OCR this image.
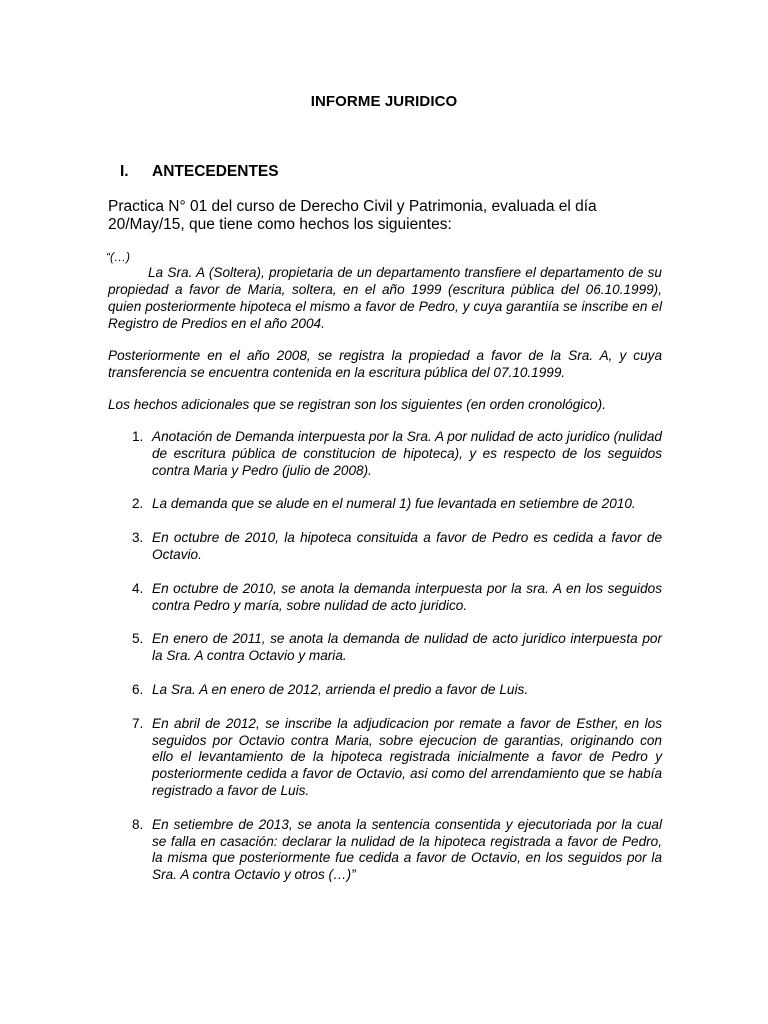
INFORME JURIDICO
I. ANTECEDENTES
Practica N° 01 del curso de Derecho Civil y Patrimonia, evaluada el día 20/May/15, que tiene como hechos los siguientes:
“(…)
La Sra. A (Soltera), propietaria de un departamento transfiere el departamento de su propiedad a favor de Maria, soltera, en el año 1999 (escritura pública del 06.10.1999), quien posteriormente hipoteca el mismo a favor de Pedro, y cuya garantiía se inscribe en el Registro de Predios en el año 2004.
Posteriormente en el año 2008, se registra la propiedad a favor de la Sra. A, y cuya transferencia se encuentra contenida en la escritura pública del 07.10.1999.
Los hechos adicionales que se registran son los siguientes (en orden cronológico).
1. Anotación de Demanda interpuesta por la Sra. A por nulidad de acto juridico (nulidad de escritura pública de constitucion de hipoteca), y es respecto de los seguidos contra Maria y Pedro (julio de 2008).
2. La demanda que se alude en el numeral 1) fue levantada en setiembre de 2010.
3. En octubre de 2010, la hipoteca consituida a favor de Pedro es cedida a favor de Octavio.
4. En octubre de 2010, se anota la demanda interpuesta por la sra. A en los seguidos contra Pedro y maría, sobre nulidad de acto juridico.
5. En enero de 2011, se anota la demanda de nulidad de acto juridico interpuesta por la Sra. A contra Octavio y maria.
6. La Sra. A en enero de 2012, arrienda el predio a favor de Luis.
7. En abril de 2012, se inscribe la adjudicacion por remate a favor de Esther, en los seguidos por Octavio contra Maria, sobre ejecucion de garantias, originando con ello el levantamiento de la hipoteca registrada inicialmente a favor de Pedro y posteriormente cedida a favor de Octavio, asi como del arrendamiento que se había registrado a favor de Luis.
8. En setiembre de 2013, se anota la sentencia consentida y ejecutoriada por la cual se falla en casación: declarar la nulidad de la hipoteca registrada a favor de Pedro, la misma que posteriormente fue cedida a favor de Octavio, en los seguidos por la Sra. A contra Octavio y otros (…)”
